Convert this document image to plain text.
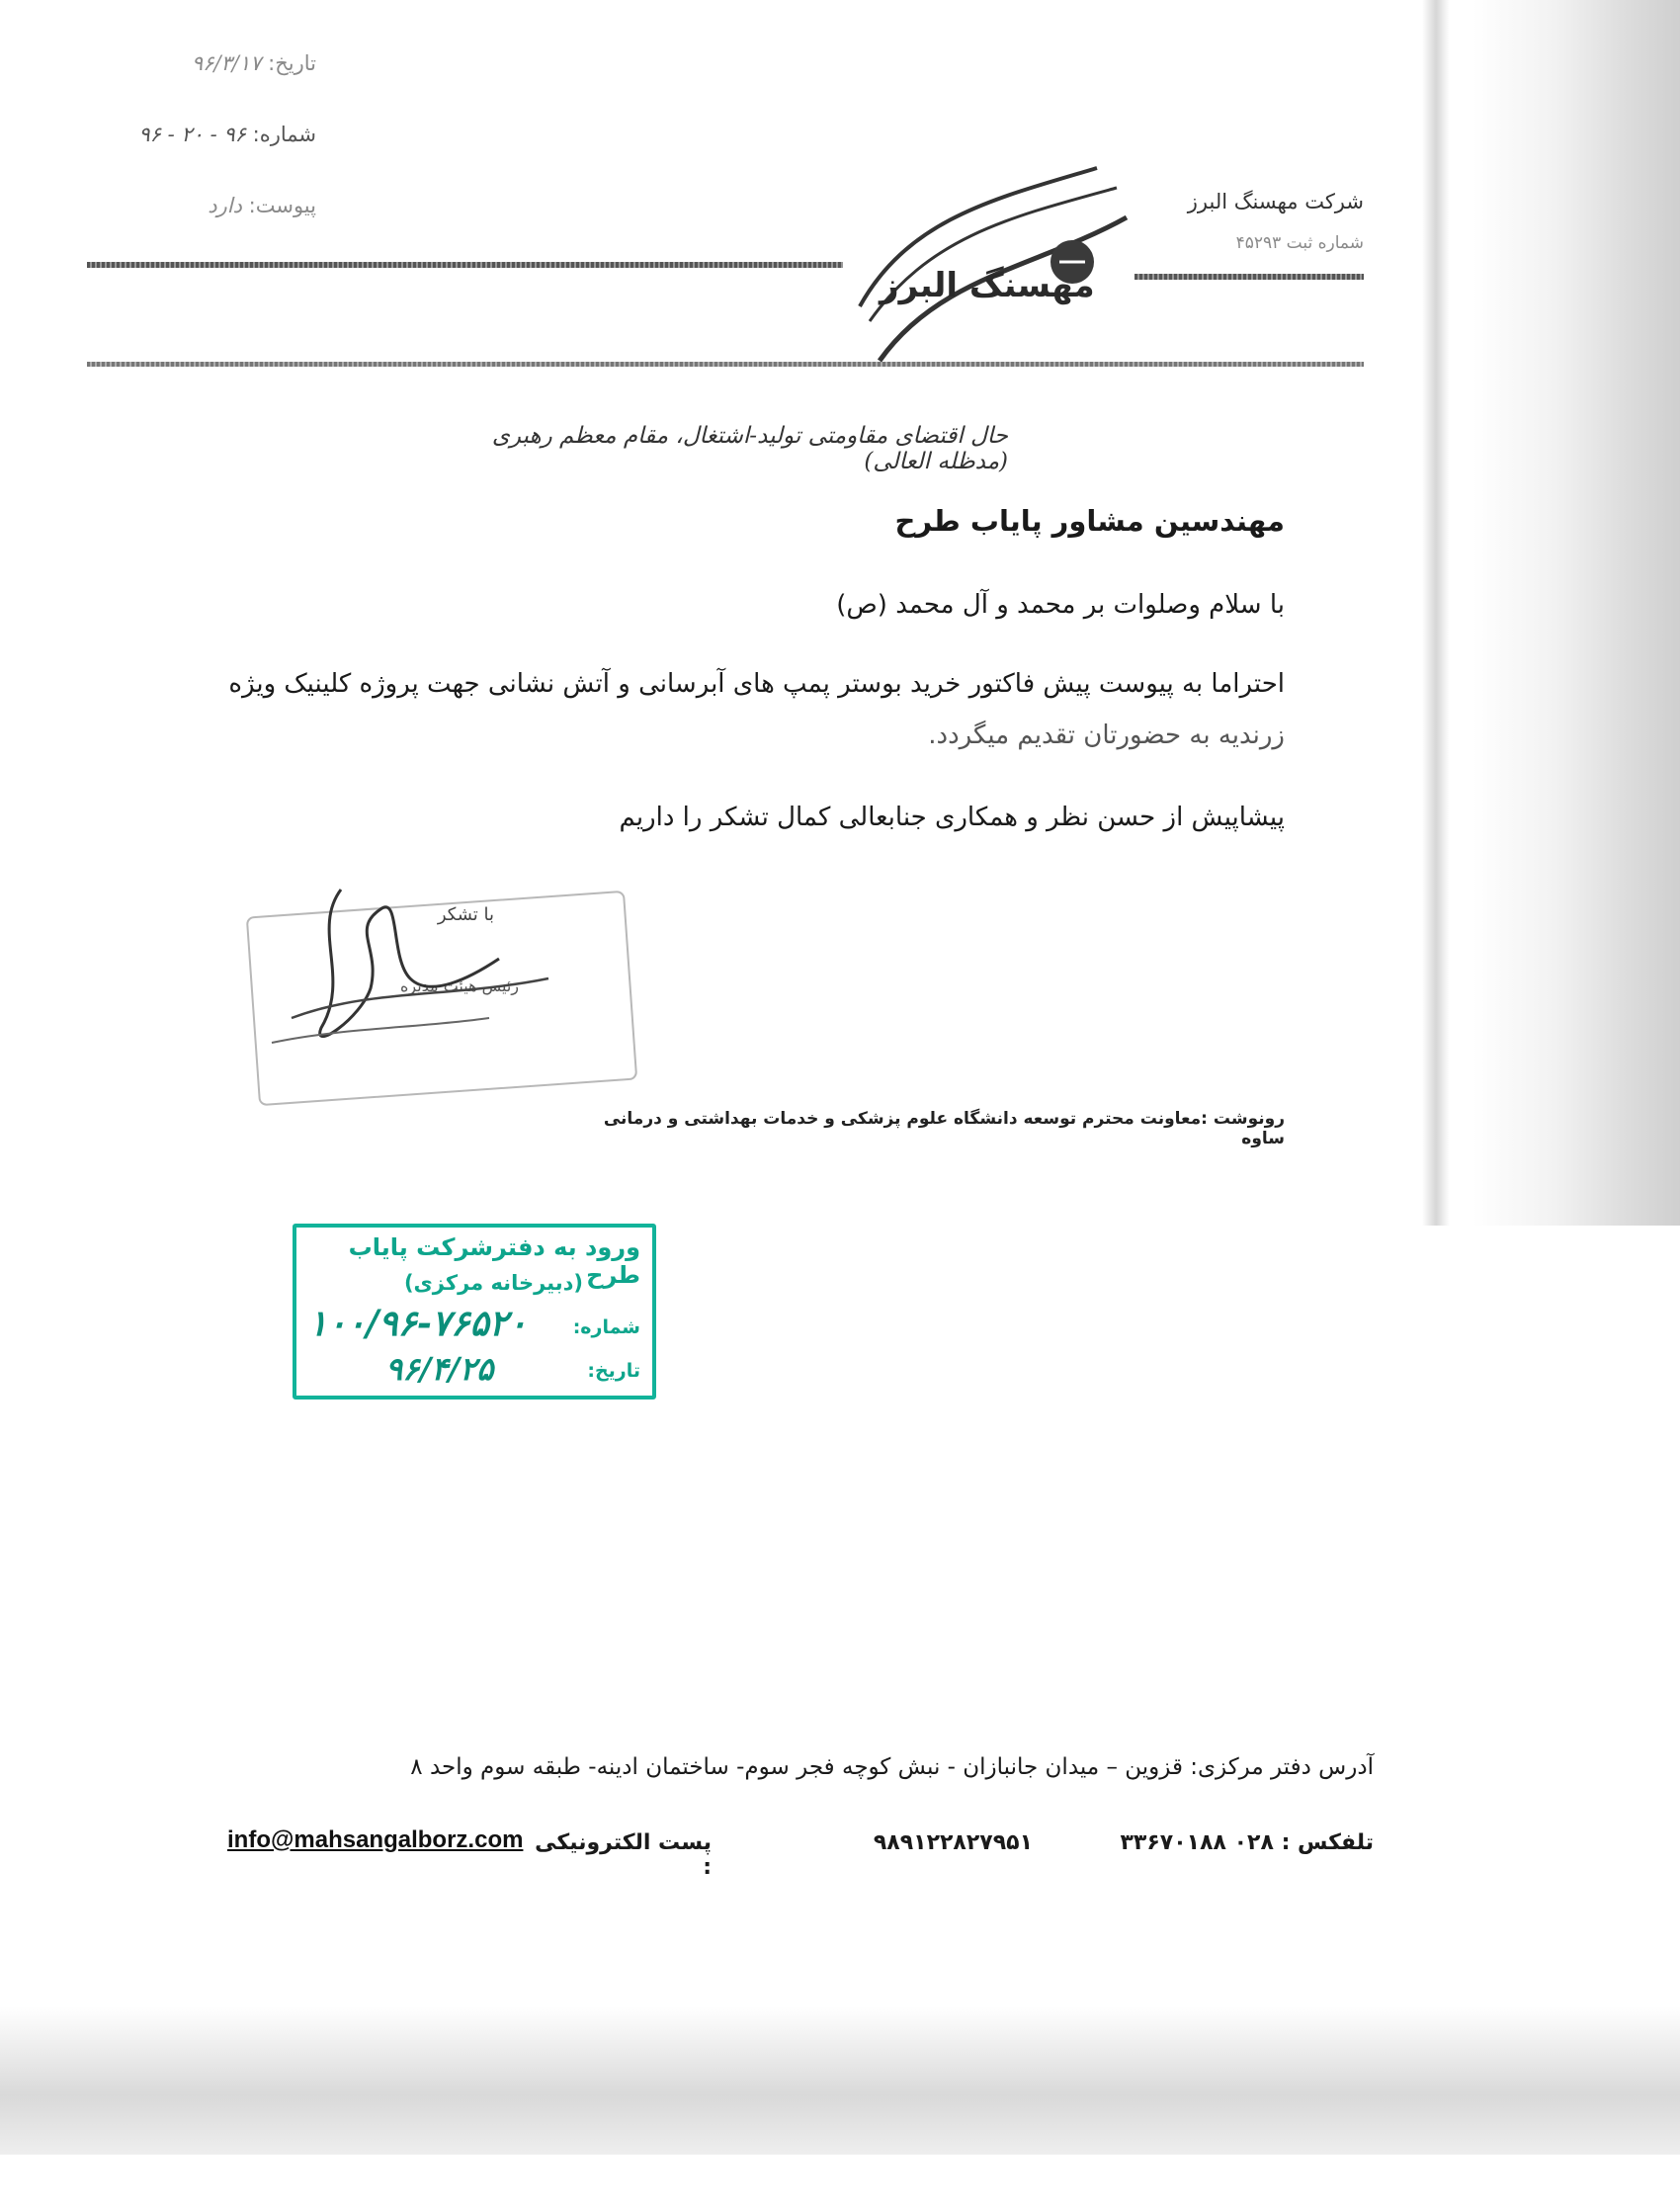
تاریخ: ۹۶/۳/۱۷
شماره: ۹۶ - ۲۰ - ۹۶
پیوست: دارد	شرکت مهسنگ البرز
شماره ثبت ۴۵۲۹۳
مهسنگ البرز
حال اقتضای مقاومتی تولید-اشتغال، مقام معظم رهبری (مدظله العالی)
مهندسین مشاور پایاب طرح
با سلام وصلوات بر محمد و آل محمد (ص)
احتراما به پیوست پیش فاکتور خرید بوستر پمپ های آبرسانی و آتش نشانی جهت پروژه کلینیک ویژه
زرندیه به حضورتان تقدیم میگردد.
پیشاپیش از حسن نظر و همکاری جنابعالی کمال تشکر را داریم
با تشکر
رئیس هیئت مدیره
رونوشت :معاونت محترم توسعه دانشگاه علوم پزشکی و خدمات بهداشتی و درمانی ساوه
ورود به دفترشرکت پایاب طرح
(دبیرخانه مرکزی)
شماره:
۱۰۰/۹۶-۷۶۵۲۰
تاریخ:
۹۶/۴/۲۵
آدرس دفتر مرکزی: قزوین – میدان جانبازان - نبش کوچه فجر سوم- ساختمان ادینه- طبقه سوم واحد ۸
تلفکس : ۰۲۸ ۳۳۶۷۰۱۸۸
۹۸۹۱۲۲۸۲۷۹۵۱
پست الکترونیکی :
info@mahsangalborz.com
